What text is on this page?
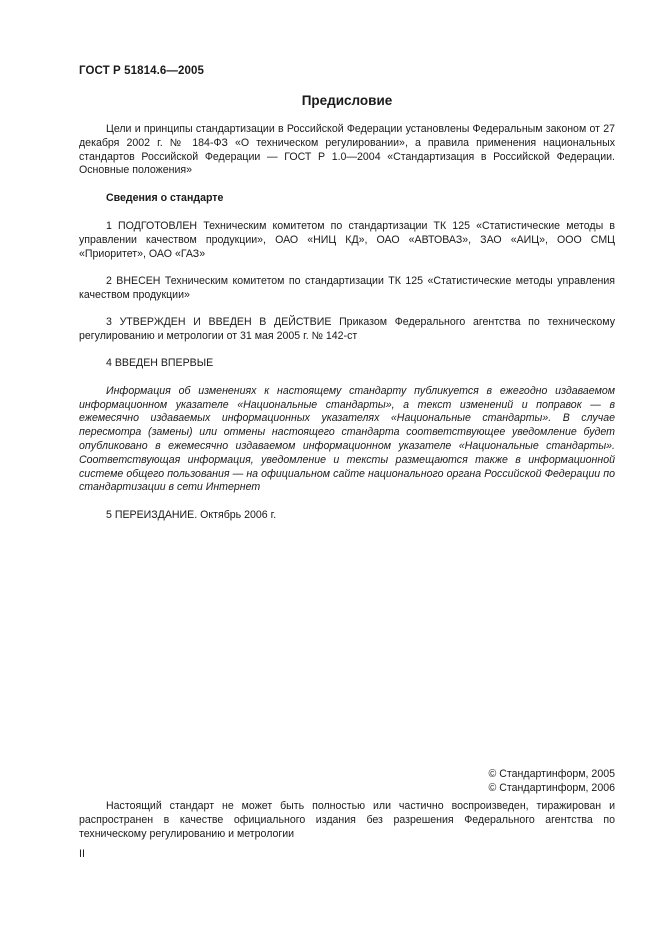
ГОСТ Р 51814.6—2005
Предисловие

Цели и принципы стандартизации в Российской Федерации установлены Федеральным законом от 27 декабря 2002 г. № 184-ФЗ «О техническом регулировании», а правила применения национальных стандартов Российской Федерации — ГОСТ Р 1.0—2004 «Стандартизация в Российской Федерации. Основные положения»

Сведения о стандарте

1 ПОДГОТОВЛЕН Техническим комитетом по стандартизации ТК 125 «Статистические методы в управлении качеством продукции», ОАО «НИЦ КД», ОАО «АВТОВАЗ», ЗАО «АИЦ», ООО СМЦ «Приоритет», ОАО «ГАЗ»

2 ВНЕСЕН Техническим комитетом по стандартизации ТК 125 «Статистические методы управления качеством продукции»

3 УТВЕРЖДЕН И ВВЕДЕН В ДЕЙСТВИЕ Приказом Федерального агентства по техническому регулированию и метрологии от 31 мая 2005 г. № 142-ст

4 ВВЕДЕН ВПЕРВЫЕ

Информация об изменениях к настоящему стандарту публикуется в ежегодно издаваемом информационном указателе «Национальные стандарты», а текст изменений и поправок — в ежемесячно издаваемых информационных указателях «Национальные стандарты». В случае пересмотра (замены) или отмены настоящего стандарта соответствующее уведомление будет опубликовано в ежемесячно издаваемом информационном указателе «Национальные стандарты». Соответствующая информация, уведомление и тексты размещаются также в информационной системе общего пользования — на официальном сайте национального органа Российской Федерации по стандартизации в сети Интернет

5 ПЕРЕИЗДАНИЕ. Октябрь 2006 г.

© Стандартинформ, 2005
© Стандартинформ, 2006
Настоящий стандарт не может быть полностью или частично воспроизведен, тиражирован и распространен в качестве официального издания без разрешения Федерального агентства по техническому регулированию и метрологии
II
